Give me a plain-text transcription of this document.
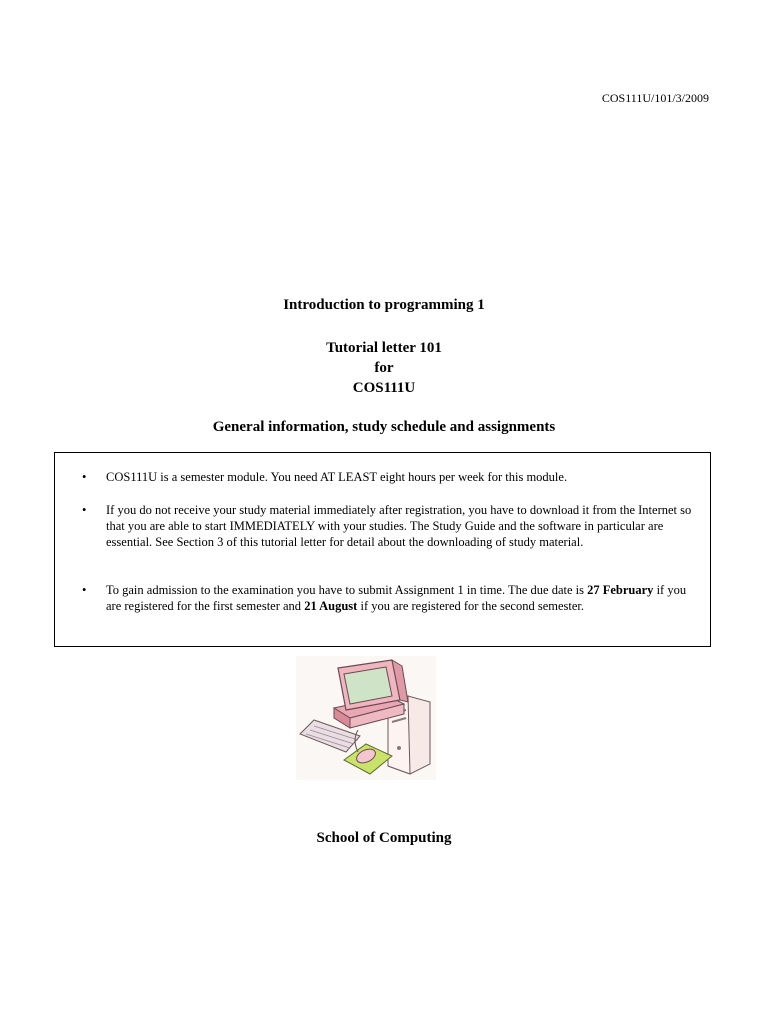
COS111U/101/3/2009
Introduction to programming 1
Tutorial letter 101
for
COS111U
General information, study schedule and assignments
• COS111U is a semester module. You need AT LEAST eight hours per week for this module.
• If you do not receive your study material immediately after registration, you have to download it from the Internet so that you are able to start IMMEDIATELY with your studies. The Study Guide and the software in particular are essential. See Section 3 of this tutorial letter for detail about the downloading of study material.
• To gain admission to the examination you have to submit Assignment 1 in time. The due date is 27 February if you are registered for the first semester and 21 August if you are registered for the second semester.
School of Computing
